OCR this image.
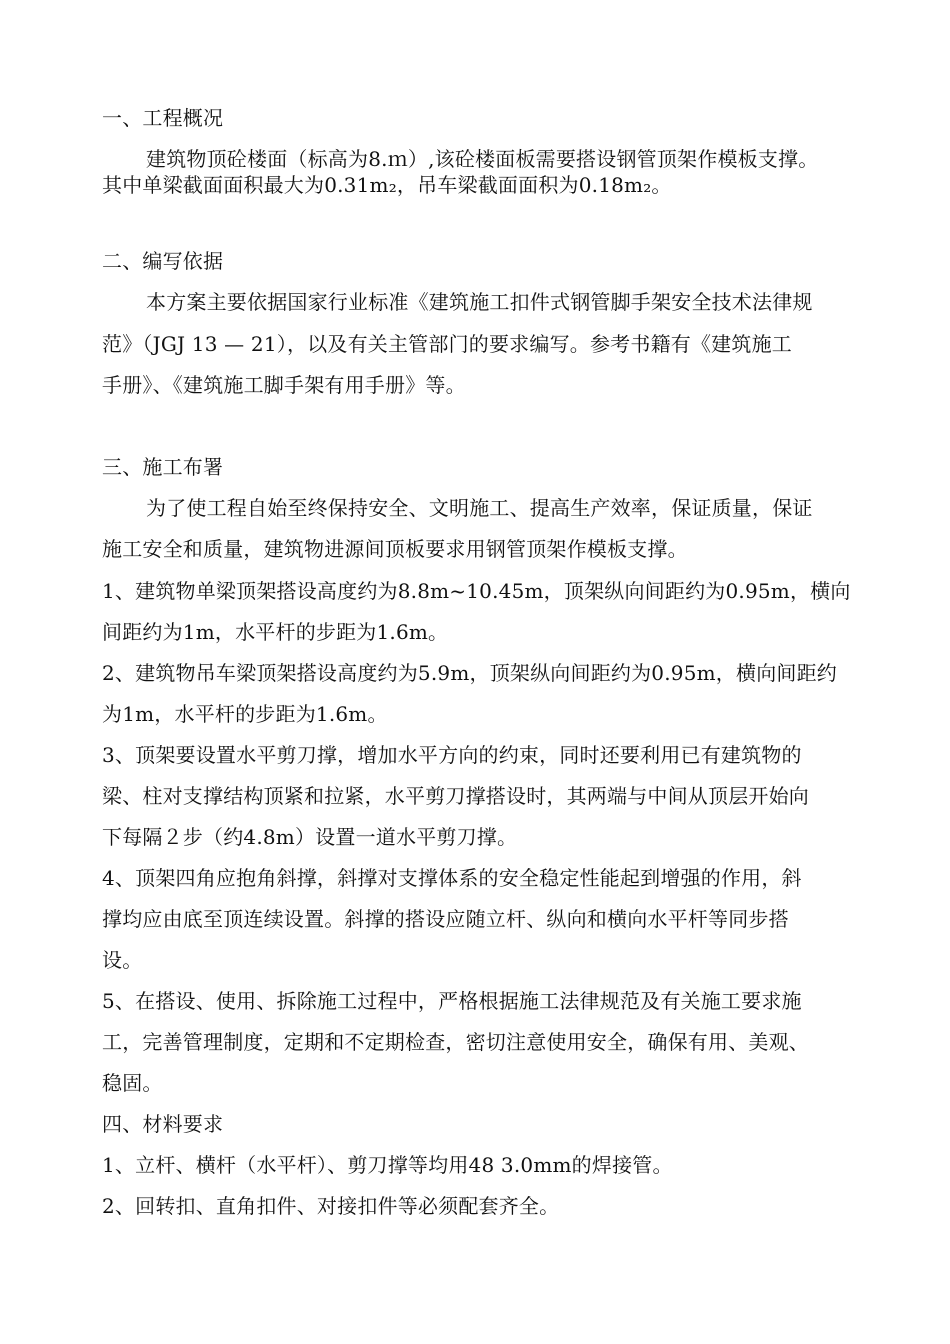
一、工程概况
建筑物顶砼楼面（标高为8.ｍ）,该砼楼面板需要搭设钢管顶架作模板支撑。
其中单梁截面面积最大为0.31m₂，吊车梁截面面积为0.18m₂。
二、编写依据
本方案主要依据国家行业标准《建筑施工扣件式钢管脚手架安全技术法律规
范》（JGJ 13 — 21），以及有关主管部门的要求编写。参考书籍有《建筑施工
手册》、《建筑施工脚手架有用手册》等。
三、施工布署
为了使工程自始至终保持安全、文明施工、提高生产效率，保证质量，保证
施工安全和质量，建筑物进源间顶板要求用钢管顶架作模板支撑。
1、建筑物单梁顶架搭设高度约为8.8m~10.45m，顶架纵向间距约为0.95m，横向
间距约为1m，水平杆的步距为1.6m。
2、建筑物吊车梁顶架搭设高度约为5.9m，顶架纵向间距约为0.95m，横向间距约
为1m，水平杆的步距为1.6m。
3、顶架要设置水平剪刀撑，增加水平方向的约束，同时还要利用已有建筑物的
梁、柱对支撑结构顶紧和拉紧，水平剪刀撑搭设时，其两端与中间从顶层开始向
下每隔２步（约4.8m）设置一道水平剪刀撑。
4、顶架四角应抱角斜撑，斜撑对支撑体系的安全稳定性能起到增强的作用，斜
撑均应由底至顶连续设置。斜撑的搭设应随立杆、纵向和横向水平杆等同步搭
设。
5、在搭设、使用、拆除施工过程中，严格根据施工法律规范及有关施工要求施
工，完善管理制度，定期和不定期检查，密切注意使用安全，确保有用、美观、
稳固。
四、材料要求
1、立杆、横杆（水平杆）、剪刀撑等均用48 3.0mm的焊接管。
2、回转扣、直角扣件、对接扣件等必须配套齐全。
